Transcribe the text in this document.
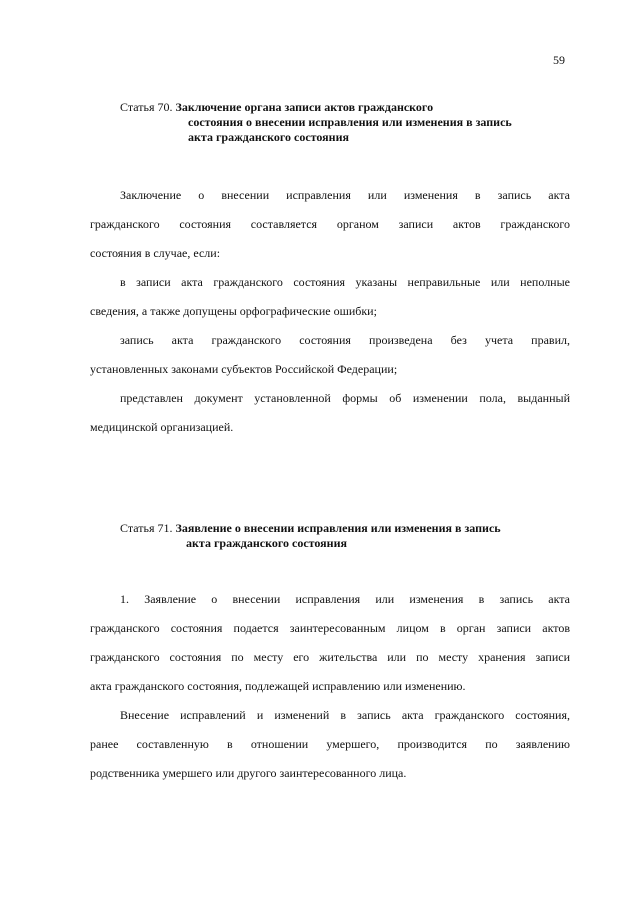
59
Статья 70. Заключение органа записи актов гражданского
состояния о внесении исправления или изменения в запись
акта гражданского состояния

Заключение о внесении исправления или изменения в запись акта
гражданского состояния составляется органом записи актов гражданского
состояния в случае, если:

в записи акта гражданского состояния указаны неправильные или неполные
сведения, а также допущены орфографические ошибки;

запись акта гражданского состояния произведена без учета правил,
установленных законами субъектов Российской Федерации;

представлен документ установленной формы об изменении пола, выданный
медицинской организацией.

Статья 71. Заявление о внесении исправления или изменения в запись
акта гражданского состояния

1. Заявление о внесении исправления или изменения в запись акта
гражданского состояния подается заинтересованным лицом в орган записи актов
гражданского состояния по месту его жительства или по месту хранения записи
акта гражданского состояния, подлежащей исправлению или изменению.

Внесение исправлений и изменений в запись акта гражданского состояния,
ранее составленную в отношении умершего, производится по заявлению
родственника умершего или другого заинтересованного лица.
